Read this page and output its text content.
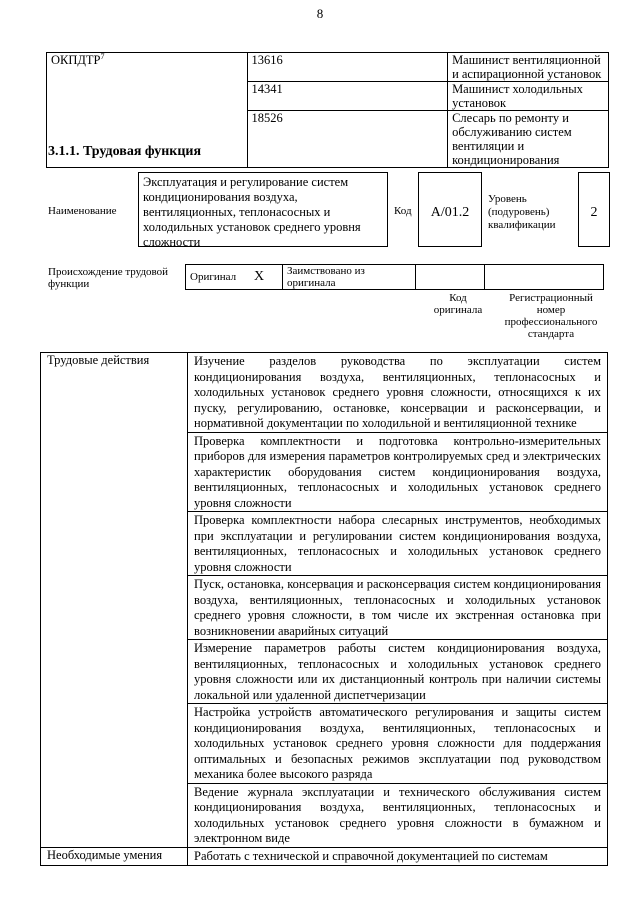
8
ОКПДТР$^7$	13616	Машинист вентиляционной и аспирационной установок
	14341	Машинист холодильных установок
	18526	Слесарь по ремонту и обслуживанию систем вентиляции и кондиционирования
3.1.1. Трудовая функция
Наименование
Эксплуатация и регулирование систем кондиционирования воздуха, вентиляционных, теплонасосных и холодильных установок среднего уровня сложности
Код	A/01.2
Уровень (подуровень) квалификации
2
Происхождение трудовой функции
Оригинал	X	Заимствовано из оригинала		
Код оригинала
Регистрационный номер профессионального стандарта
Трудовые действия	Изучение разделов руководства по эксплуатации систем кондиционирования воздуха, вентиляционных, теплонасосных и холодильных установок среднего уровня сложности, относящихся к их пуску, регулированию, остановке, консервации и расконсервации, и нормативной документации по холодильной и вентиляционной технике
	Проверка комплектности и подготовка контрольно-измерительных приборов для измерения параметров контролируемых сред и электрических характеристик оборудования систем кондиционирования воздуха, вентиляционных, теплонасосных и холодильных установок среднего уровня сложности
	Проверка комплектности набора слесарных инструментов, необходимых при эксплуатации и регулировании систем кондиционирования воздуха, вентиляционных, теплонасосных и холодильных установок среднего уровня сложности
	Пуск, остановка, консервация и расконсервация систем кондиционирования воздуха, вентиляционных, теплонасосных и холодильных установок среднего уровня сложности, в том числе их экстренная остановка при возникновении аварийных ситуаций
	Измерение параметров работы систем кондиционирования воздуха, вентиляционных, теплонасосных и холодильных установок среднего уровня сложности или их дистанционный контроль при наличии системы локальной или удаленной диспетчеризации
	Настройка устройств автоматического регулирования и защиты систем кондиционирования воздуха, вентиляционных, теплонасосных и холодильных установок среднего уровня сложности для поддержания оптимальных и безопасных режимов эксплуатации под руководством механика более высокого разряда
	Ведение журнала эксплуатации и технического обслуживания систем кондиционирования воздуха, вентиляционных, теплонасосных и холодильных установок среднего уровня сложности в бумажном и электронном виде
Необходимые умения	Работать с технической и справочной документацией по системам
